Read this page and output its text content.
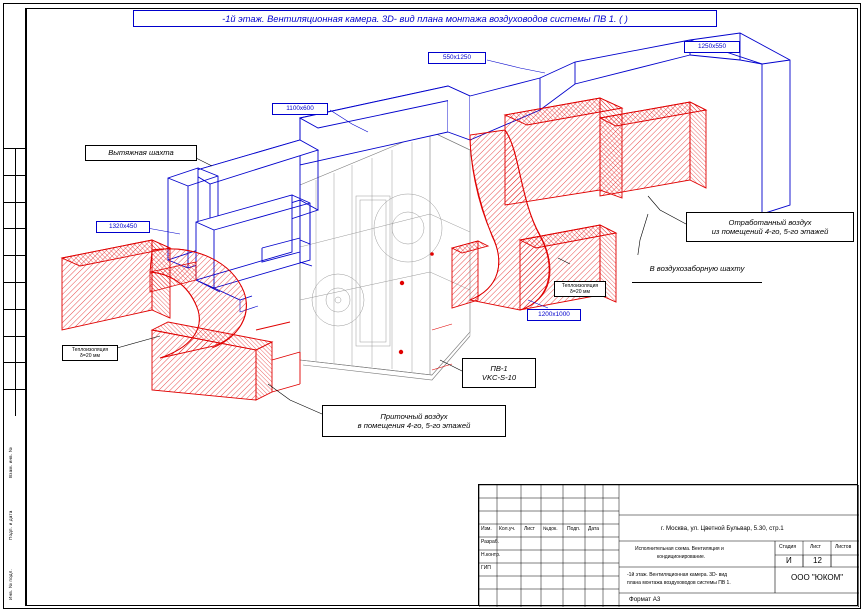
Инв. № подл.
Подп. и дата
Взам. инв. №
-1й этаж. Вентиляционная камера. 3D- вид плана монтажа воздуховодов системы ПВ 1. ( )
550x1250
1250x550
1100x600
Вытяжная шахта
1320x450
Теплоизоляция
δ=20 мм
Теплоизоляция
δ=20 мм
Отработанный воздух
из помещений 4-го, 5-го этажей
В воздухозаборную шахту
1200x1000
Приточный воздух
в помещения 4-го, 5-го этажей
ПВ-1
VKC-S-10
Изм. Кол.уч. Лист №док. Подп. Дата
Разраб.
Н.контр.
ГИП
г. Москва, ул. Цветной Бульвар, 5.30, стр.1
Исполнительная схема. Вентиляция и
кондиционирование.
Стадия	Лист	Листов
И	12
-1й этаж. Вентиляционная камера. 3D- вид
плана монтажа воздуховодов системы ПВ 1.
ООО "ЮКОМ"
Формат А3
